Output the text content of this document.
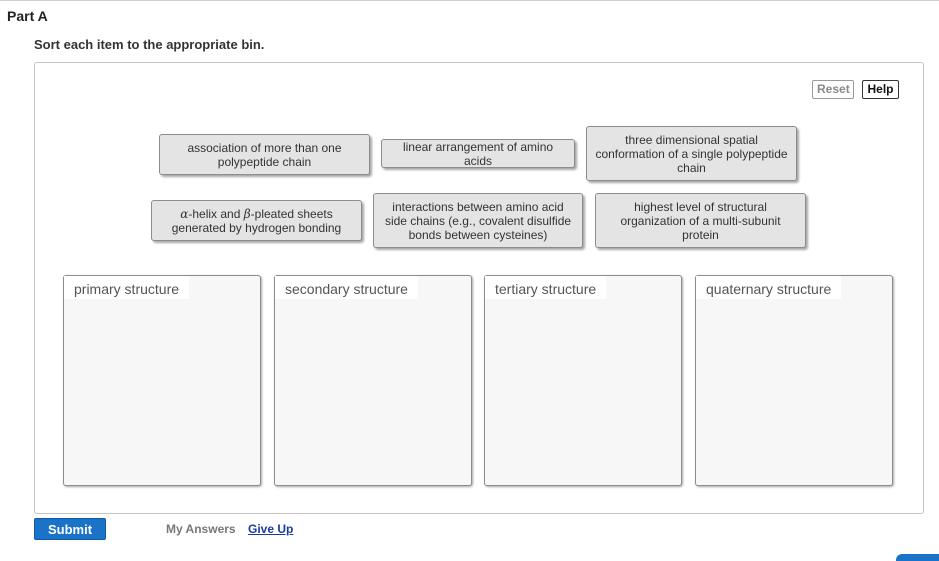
Part A
Sort each item to the appropriate bin.
Reset	Help
association of more than one polypeptide chain
linear arrangement of amino acids
three dimensional spatial conformation of a single polypeptide chain
α-helix and β-pleated sheets generated by hydrogen bonding
interactions between amino acid side chains (e.g., covalent disulfide bonds between cysteines)
highest level of structural organization of a multi-subunit protein
primary structure	secondary structure	tertiary structure	quaternary structure
Submit	My Answers Give Up
